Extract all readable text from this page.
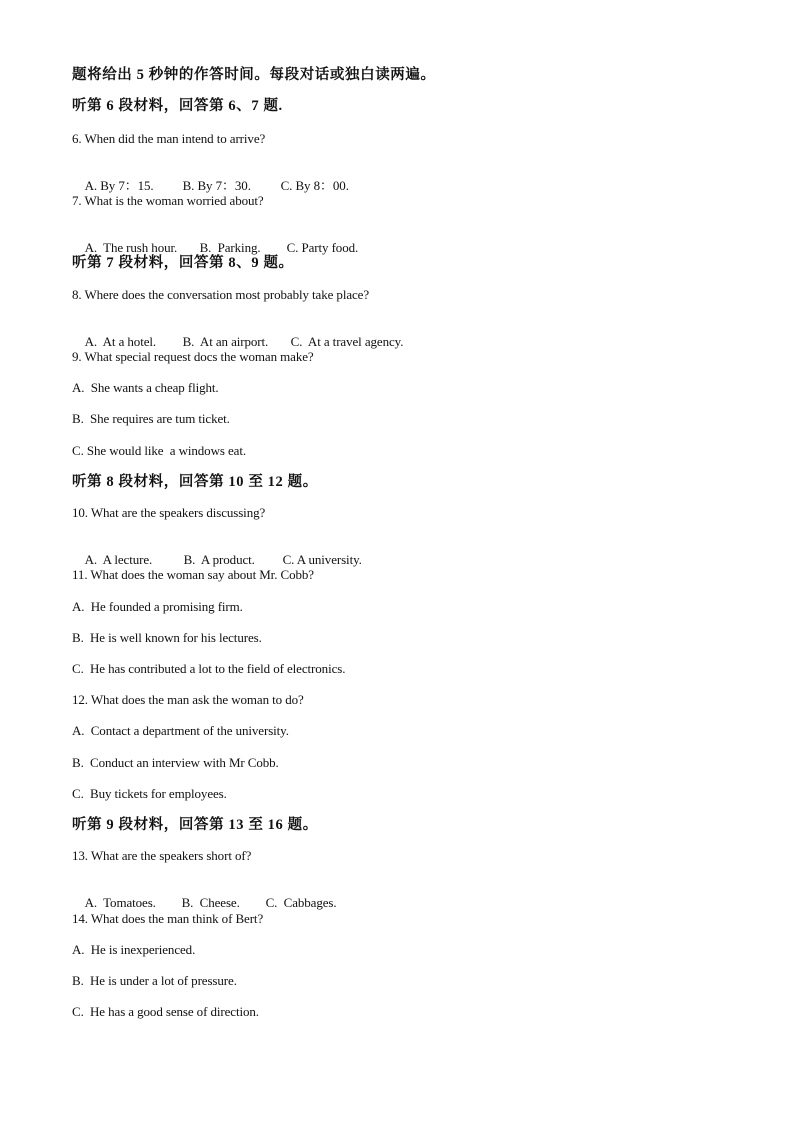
题将给出 5 秒钟的作答时间。每段对话或独白读两遍。
听第 6 段材料，回答第 6、7 题.
6. When did the man intend to arrive?

A. By 7：15. B. By 7：30. C. By 8：00.

7. What is the woman worried about?

A.  The rush hour. B.  Parking. C. Party food.

听第 7 段材料，回答第 8、9 题。
8. Where does the conversation most probably take place?

A.  At a hotel. B.  At an airport. C.  At a travel agency.

9. What special request docs the woman make?
A.  She wants a cheap flight.
B.  She requires are tum ticket.
C. She would like  a windows eat.
听第 8 段材料，回答第 10 至 12 题。
10. What are the speakers discussing?

A.  A lecture. B.  A product. C. A university.

11. What does the woman say about Mr. Cobb?
A.  He founded a promising firm.
B.  He is well known for his lectures.
C.  He has contributed a lot to the field of electronics.
12. What does the man ask the woman to do?
A.  Contact a department of the university.
B.  Conduct an interview with Mr Cobb.
C.  Buy tickets for employees.
听第 9 段材料，回答第 13 至 16 题。
13. What are the speakers short of?

A.  Tomatoes. B.  Cheese. C.  Cabbages.

14. What does the man think of Bert?
A.  He is inexperienced.
B.  He is under a lot of pressure.
C.  He has a good sense of direction.
